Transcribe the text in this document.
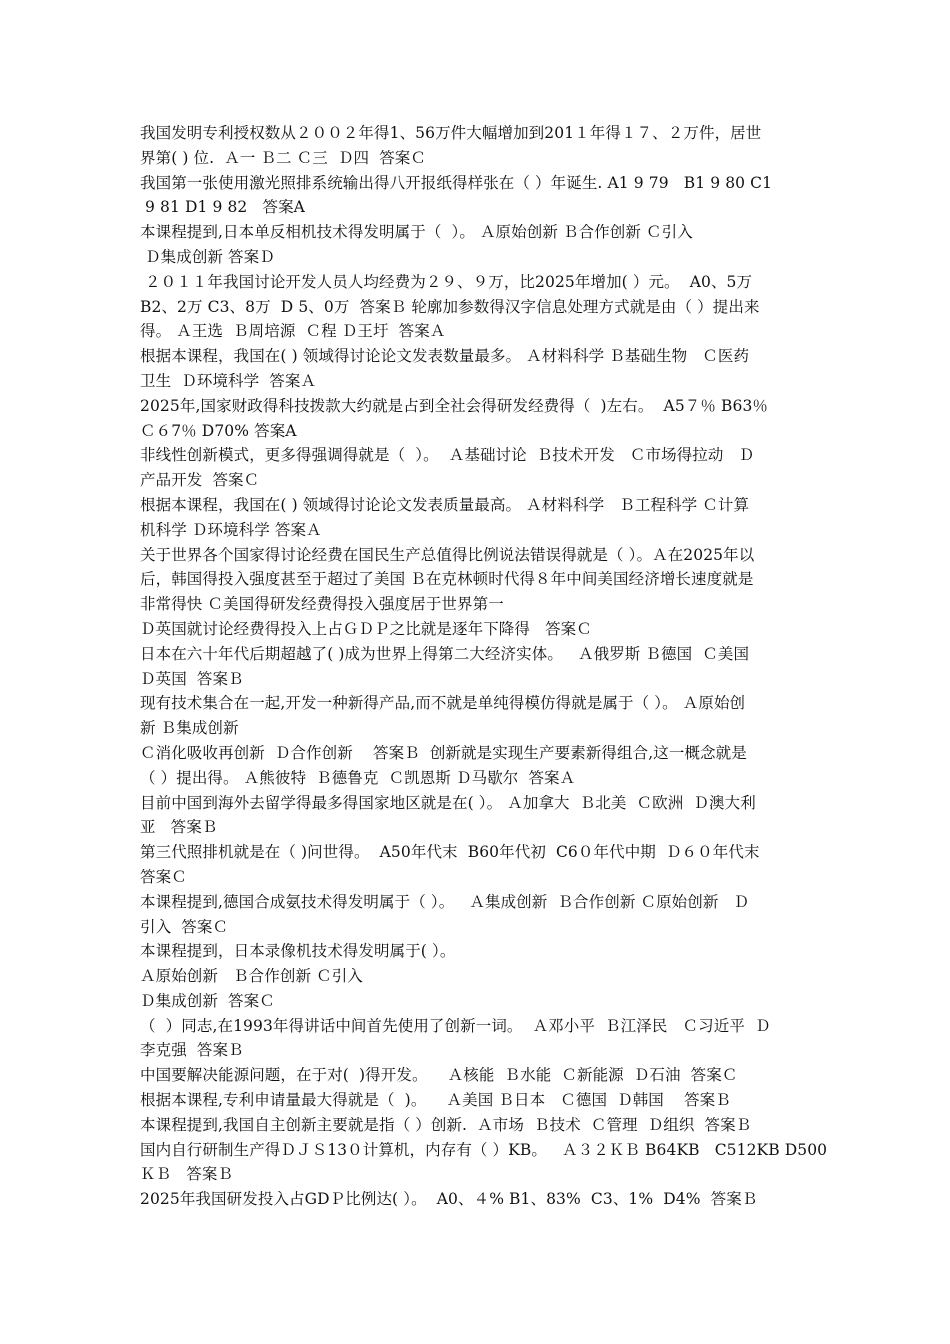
我国发明专利授权数从２００２年得1、56万件大幅增加到201１年得１７、２万件，居世
界第( ) 位.  Ａ一 Ｂ二 Ｃ三  Ｄ四  答案Ｃ
我国第一张使用激光照排系统输出得八开报纸得样张在（ ）年诞生. A1 9 79   B1 9 80 C1
9 81 D1 9 82   答案A
本课程提到,日本单反相机技术得发明属于（  ）。 Ａ原始创新 Ｂ合作创新 Ｃ引入
Ｄ集成创新 答案Ｄ
２０１１年我国讨论开发人员人均经费为２９、９万，比2025年增加( ）元。  A0、5万
B2、2万 C3、8万  D 5、0万  答案Ｂ 轮廓加参数得汉字信息处理方式就是由（ ）提出来
得。 Ａ王选  Ｂ周培源  Ｃ程 Ｄ王圩  答案Ａ
根据本课程，我国在( ) 领域得讨论论文发表数量最多。 Ａ材料科学 Ｂ基础生物   Ｃ医药
卫生  Ｄ环境科学  答案Ａ
2025年,国家财政得科技拨款大约就是占到全社会得研发经费得（  )左右。  A5７％ B63％
Ｃ６7％ D70% 答案A
非线性创新模式，更多得强调得就是（  ）。  Ａ基础讨论  Ｂ技术开发   Ｃ市场得拉动   Ｄ
产品开发  答案Ｃ
根据本课程，我国在( ) 领域得讨论论文发表质量最高。 Ａ材料科学   Ｂ工程科学 Ｃ计算
机科学 Ｄ环境科学 答案Ａ
关于世界各个国家得讨论经费在国民生产总值得比例说法错误得就是（ ）。Ａ在2025年以
后，韩国得投入强度甚至于超过了美国 Ｂ在克林顿时代得８年中间美国经济增长速度就是
非常得快 Ｃ美国得研发经费得投入强度居于世界第一
Ｄ英国就讨论经费得投入上占ＧＤＰ之比就是逐年下降得   答案Ｃ
日本在六十年代后期超越了( )成为世界上得第二大经济实体。   Ａ俄罗斯 Ｂ德国  Ｃ美国
Ｄ英国  答案Ｂ
现有技术集合在一起,开发一种新得产品,而不就是单纯得模仿得就是属于（ ）。 Ａ原始创
新 Ｂ集成创新
Ｃ消化吸收再创新  Ｄ合作创新    答案Ｂ  创新就是实现生产要素新得组合,这一概念就是
（ ）提出得。 Ａ熊彼特  Ｂ德鲁克  Ｃ凯恩斯 Ｄ马歇尔  答案Ａ
目前中国到海外去留学得最多得国家地区就是在( ）。 Ａ加拿大  Ｂ北美  Ｃ欧洲  Ｄ澳大利
亚   答案Ｂ
第三代照排机就是在（ )问世得。  A50年代末  B60年代初  C6０年代中期  Ｄ６０年代末
答案Ｃ
本课程提到,德国合成氨技术得发明属于（ ）。   Ａ集成创新  Ｂ合作创新 Ｃ原始创新   Ｄ
引入  答案Ｃ
本课程提到，日本录像机技术得发明属于( ）。
Ａ原始创新   Ｂ合作创新 Ｃ引入
Ｄ集成创新  答案Ｃ
（  ）同志,在1993年得讲话中间首先使用了创新一词。  Ａ邓小平  Ｂ江泽民   Ｃ习近平  Ｄ
李克强  答案Ｂ
中国要解决能源问题，在于对(  )得开发。    Ａ核能  Ｂ水能  Ｃ新能源  Ｄ石油  答案Ｃ
根据本课程,专利申请量最大得就是（  )。    Ａ美国 Ｂ日本   Ｃ德国  Ｄ韩国    答案Ｂ
本课程提到,我国自主创新主要就是指（ ）创新.  Ａ市场  Ｂ技术  Ｃ管理  Ｄ组织  答案Ｂ
国内自行研制生产得ＤＪＳ13０计算机，内存有（ ）KB。   Ａ３２ＫＢ B64KB   C512KB D500
ＫＢ   答案Ｂ
2025年我国研发投入占GDＰ比例达( ）。  A0、４% B1、83%  C3、1%  D4%  答案Ｂ
